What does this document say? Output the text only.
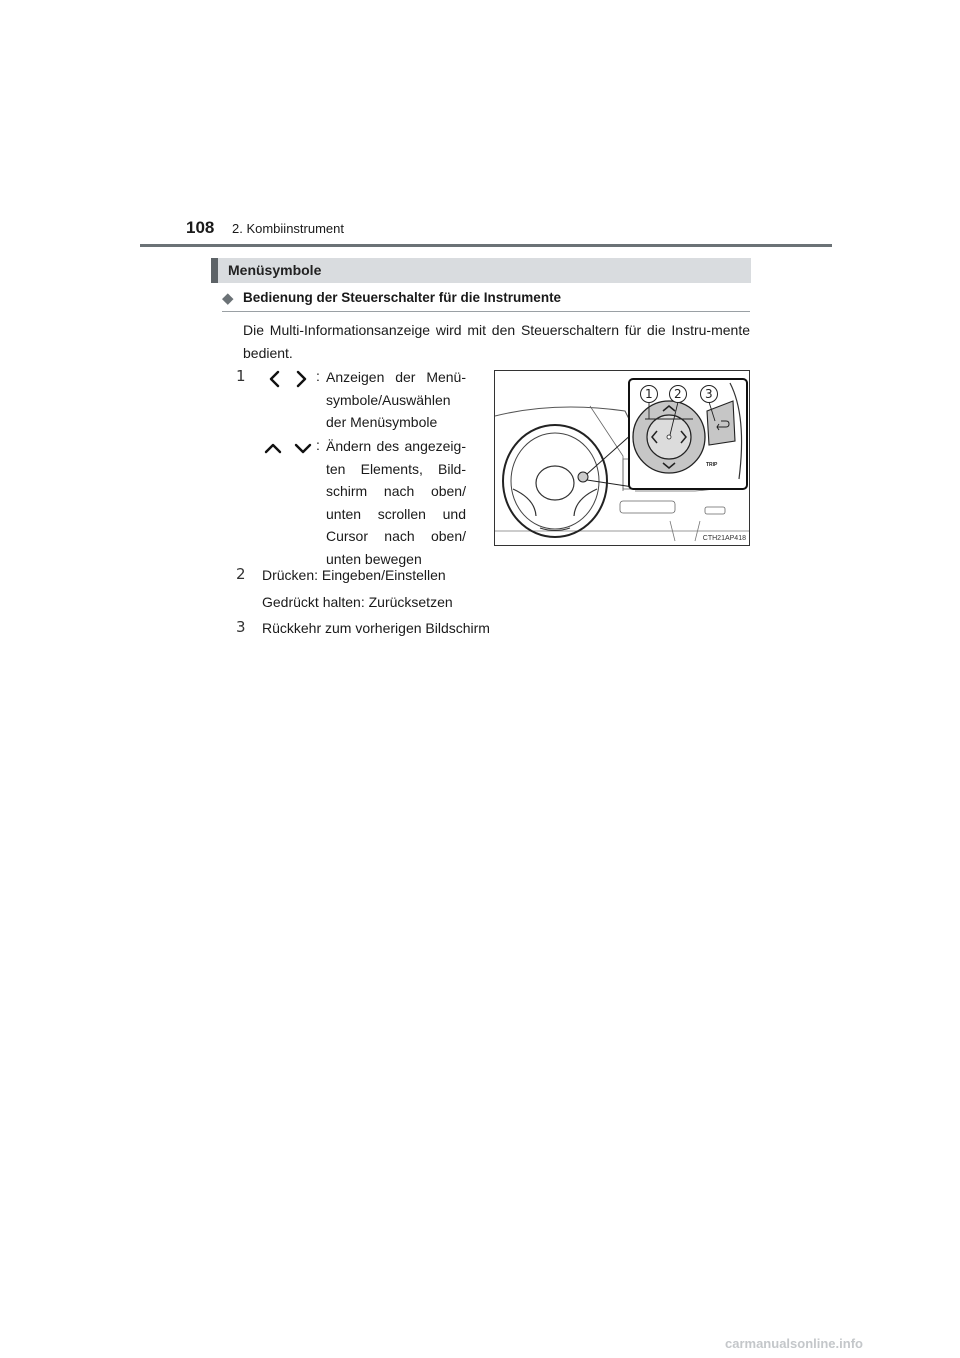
108 2. Kombiinstrument
Menüsymbole
◆ Bedienung der Steuerschalter für die Instrumente

Die Multi-Informationsanzeige wird mit den Steuerschaltern für die Instru-mente bedient.

1	: Anzeigen der Menü-symbole/Auswählen der Menüsymbole
: Ändern des angezeig-ten Elements, Bild-schirm nach oben/ unten scrollen und Cursor nach oben/ unten bewegen
2 Drücken: Eingeben/Einstellen
Gedrückt halten: Zurücksetzen
3 Rückkehr zum vorherigen Bildschirm
1 2 3
TRIP
CTH21AP418
carmanualsonline.info
